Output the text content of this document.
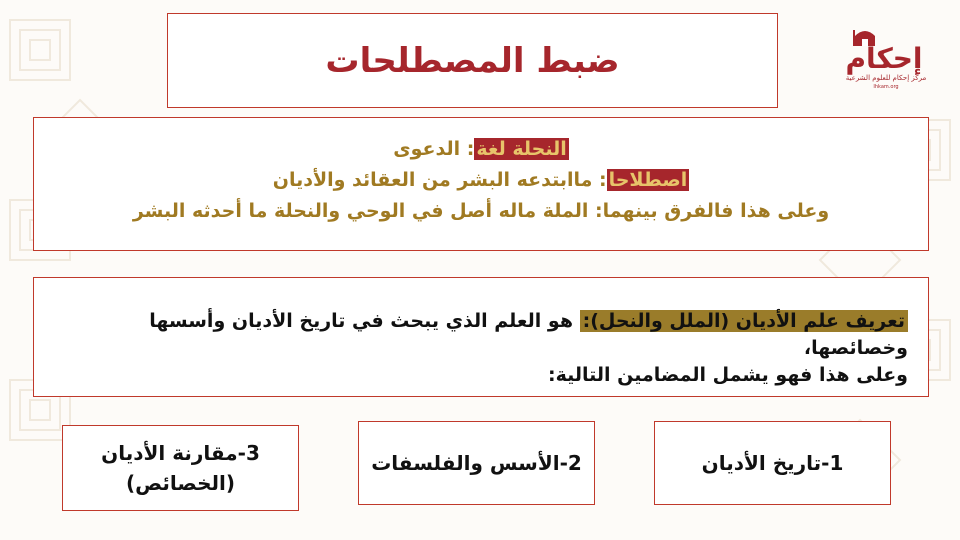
إحكام
مركز إحكام للعلوم الشرعية
Ihkam.org
ضبط المصطلحات
النحلة لغة: الدعوى
اصطلاحا: ماابتدعه البشر من العقائد والأديان
وعلى هذا فالفرق بينهما: الملة ماله أصل في الوحي والنحلة ما أحدثه البشر
تعريف علم الأديان (الملل والنحل): هو العلم الذي يبحث في تاريخ الأديان وأسسها وخصائصها،
وعلى هذا فهو يشمل المضامين التالية:
1-تاريخ الأديان
2-الأسس والفلسفات
3-مقارنة الأديان
(الخصائص)
